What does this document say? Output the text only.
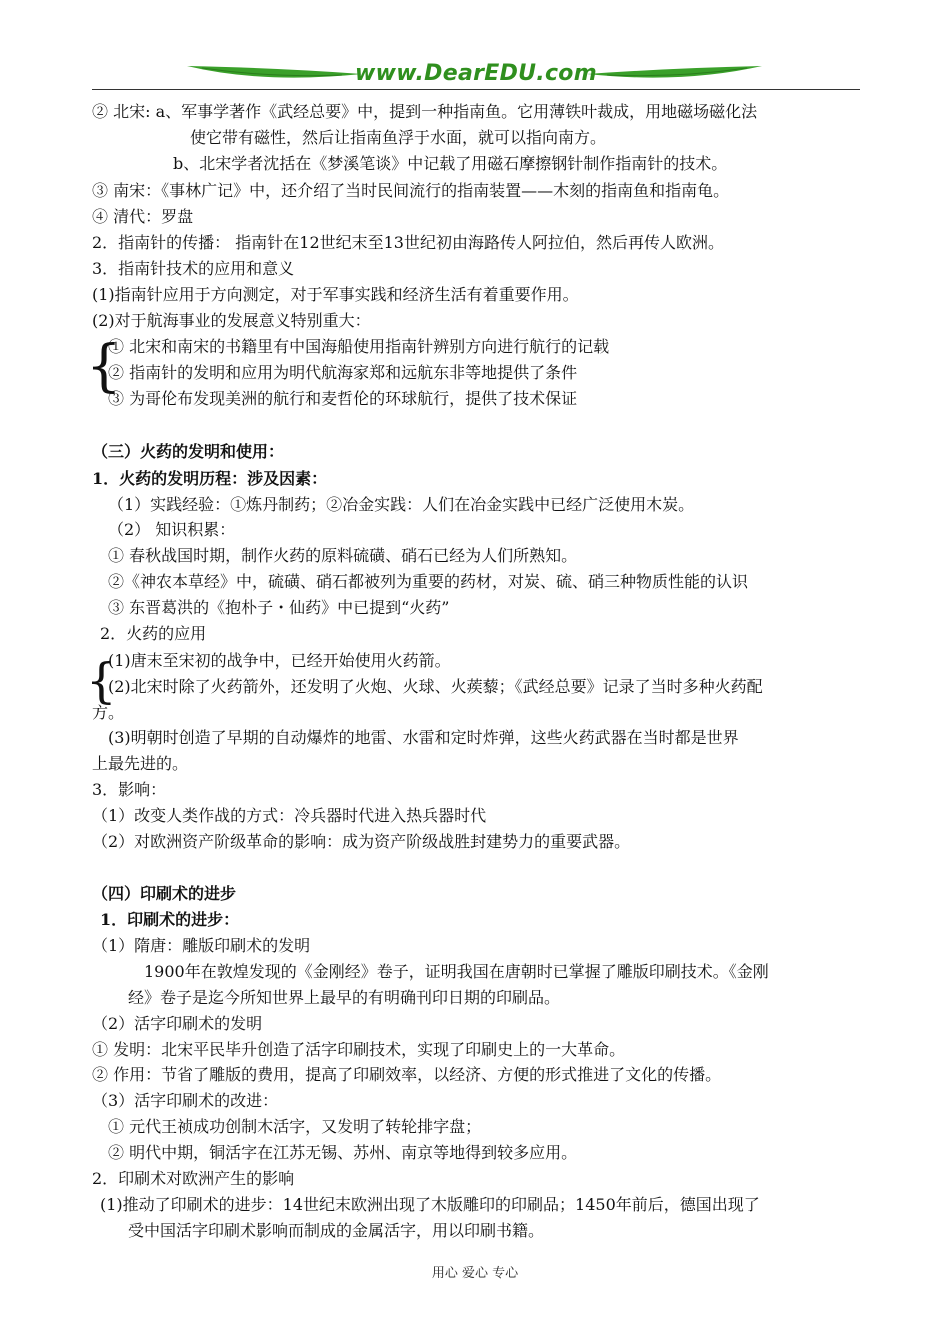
www.DearEDU.com
② 北宋: a、军事学著作《武经总要》中，提到一种指南鱼。它用薄铁叶裁成，用地磁场磁化法
使它带有磁性，然后让指南鱼浮于水面，就可以指向南方。
b、北宋学者沈括在《梦溪笔谈》中记载了用磁石摩擦钢针制作指南针的技术。
③ 南宋：《事林广记》中，还介绍了当时民间流行的指南装置——木刻的指南鱼和指南龟。
④ 清代：罗盘
2．指南针的传播： 指南针在12世纪末至13世纪初由海路传人阿拉伯，然后再传人欧洲。
3．指南针技术的应用和意义
(1)指南针应用于方向测定，对于军事实践和经济生活有着重要作用。
(2)对于航海事业的发展意义特别重大：
{
① 北宋和南宋的书籍里有中国海船使用指南针辨别方向进行航行的记载
② 指南针的发明和应用为明代航海家郑和远航东非等地提供了条件
③ 为哥伦布发现美洲的航行和麦哲伦的环球航行，提供了技术保证
（三）火药的发明和使用：
1．火药的发明历程：涉及因素：
（1）实践经验：①炼丹制药；②冶金实践：人们在冶金实践中已经广泛使用木炭。
（2） 知识积累：
① 春秋战国时期，制作火药的原料硫磺、硝石已经为人们所熟知。
②《神农本草经》中，硫磺、硝石都被列为重要的药材，对炭、硫、硝三种物质性能的认识
③ 东晋葛洪的《抱朴子・仙药》中已提到“火药”
2．火药的应用
{
(1)唐末至宋初的战争中，已经开始使用火药箭。
(2)北宋时除了火药箭外，还发明了火炮、火球、火蒺藜；《武经总要》记录了当时多种火药配
方。
(3)明朝时创造了早期的自动爆炸的地雷、水雷和定时炸弹，这些火药武器在当时都是世界
上最先进的。
3．影响：
（1）改变人类作战的方式：冷兵器时代进入热兵器时代
（2）对欧洲资产阶级革命的影响：成为资产阶级战胜封建势力的重要武器。
（四）印刷术的进步
1．印刷术的进步：
（1）隋唐：雕版印刷术的发明
1900年在敦煌发现的《金刚经》卷子，证明我国在唐朝时已掌握了雕版印刷技术。《金刚
经》卷子是迄今所知世界上最早的有明确刊印日期的印刷品。
（2）活字印刷术的发明
① 发明：北宋平民毕升创造了活字印刷技术，实现了印刷史上的一大革命。
② 作用：节省了雕版的费用，提高了印刷效率，以经济、方便的形式推进了文化的传播。
（3）活字印刷术的改进：
① 元代王祯成功创制木活字，又发明了转轮排字盘；
② 明代中期，铜活字在江苏无锡、苏州、南京等地得到较多应用。
2．印刷术对欧洲产生的影响
(1)推动了印刷术的进步：14世纪末欧洲出现了木版雕印的印刷品；1450年前后，德国出现了
受中国活字印刷术影响而制成的金属活字，用以印刷书籍。
用心 爱心 专心
